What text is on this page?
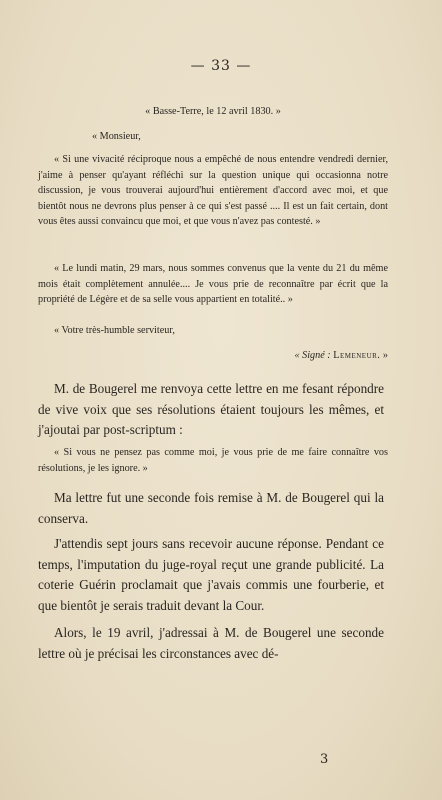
— 33 —
« Basse-Terre, le 12 avril 1830. »
« Monsieur,
« Si une vivacité réciproque nous a empêché de nous entendre vendredi dernier, j'aime à penser qu'ayant réfléchi sur la question unique qui occasionna notre discussion, je vous trouverai aujourd'hui entièrement d'accord avec moi, et que bientôt nous ne devrons plus penser à ce qui s'est passé .... Il est un fait certain, dont vous êtes aussi convaincu que moi, et que vous n'avez pas contesté. »
« Le lundi matin, 29 mars, nous sommes convenus que la vente du 21 du même mois était complètement annulée.... Je vous prie de reconnaître par écrit que la propriété de Légère et de sa selle vous appartient en totalité.. »
« Votre très-humble serviteur,
« Signé : Lemeneur. »
M. de Bougerel me renvoya cette lettre en me fesant répondre de vive voix que ses résolutions étaient toujours les mêmes, et j'ajoutai par post-scriptum :
« Si vous ne pensez pas comme moi, je vous prie de me faire connaître vos résolutions, je les ignore. »
Ma lettre fut une seconde fois remise à M. de Bougerel qui la conserva.
J'attendis sept jours sans recevoir aucune réponse. Pendant ce temps, l'imputation du juge-royal reçut une grande publicité. La coterie Guérin proclamait que j'avais commis une fourberie, et que bientôt je serais traduit devant la Cour.
Alors, le 19 avril, j'adressai à M. de Bougerel une seconde lettre où je précisai les circonstances avec dé-
3
